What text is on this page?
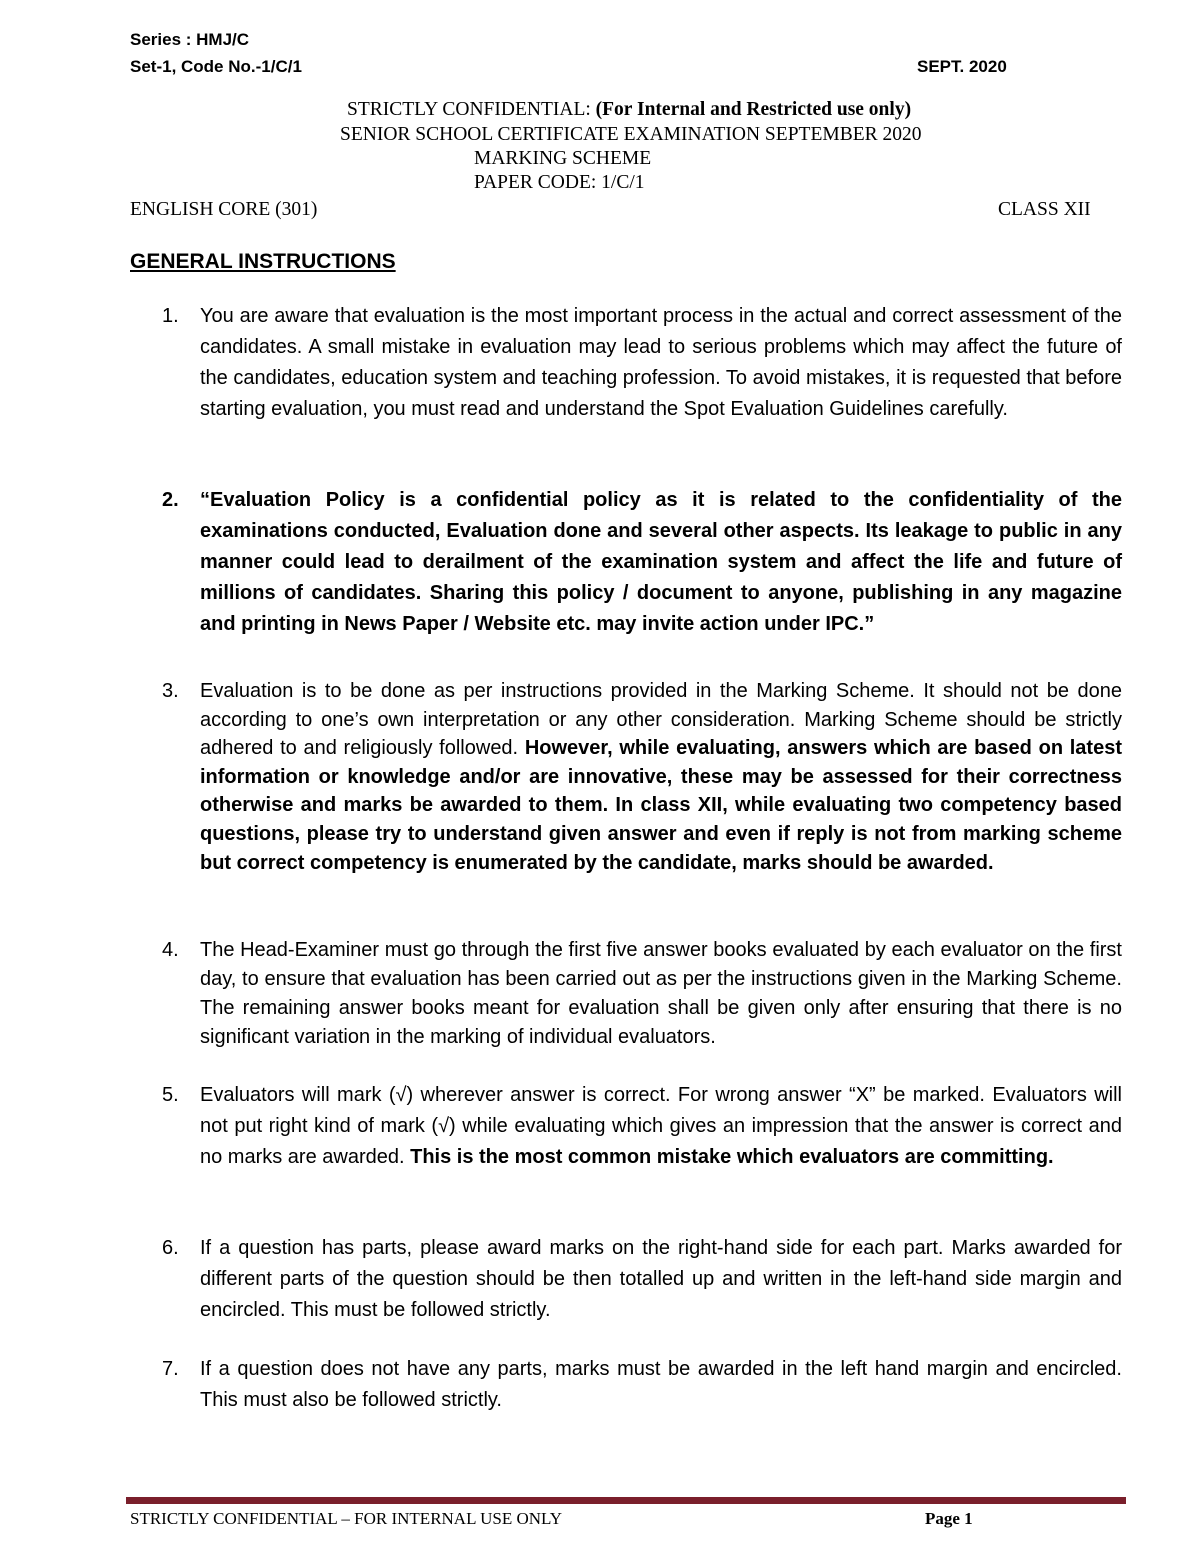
Series : HMJ/C
Set-1, Code No.-1/C/1	SEPT. 2020
STRICTLY CONFIDENTIAL: (For Internal and Restricted use only)
SENIOR SCHOOL CERTIFICATE EXAMINATION SEPTEMBER 2020
MARKING SCHEME
PAPER CODE: 1/C/1
ENGLISH CORE (301)	CLASS XII
GENERAL INSTRUCTIONS
1.	You are aware that evaluation is the most important process in the actual and correct assessment of the candidates. A small mistake in evaluation may lead to serious problems which may affect the future of the candidates, education system and teaching profession. To avoid mistakes, it is requested that before starting evaluation, you must read and understand the Spot Evaluation Guidelines carefully.
2.	“Evaluation Policy is a confidential policy as it is related to the confidentiality of the examinations conducted, Evaluation done and several other aspects. Its leakage to public in any manner could lead to derailment of the examination system and affect the life and future of millions of candidates. Sharing this policy / document to anyone, publishing in any magazine and printing in News Paper / Website etc. may invite action under IPC.”
3.	Evaluation is to be done as per instructions provided in the Marking Scheme. It should not be done according to one’s own interpretation or any other consideration. Marking Scheme should be strictly adhered to and religiously followed. However, while evaluating, answers which are based on latest information or knowledge and/or are innovative, these may be assessed for their correctness otherwise and marks be awarded to them. In class XII, while evaluating two competency based questions, please try to understand given answer and even if reply is not from marking scheme but correct competency is enumerated by the candidate, marks should be awarded.
4.	The Head-Examiner must go through the first five answer books evaluated by each evaluator on the first day, to ensure that evaluation has been carried out as per the instructions given in the Marking Scheme. The remaining answer books meant for evaluation shall be given only after ensuring that there is no significant variation in the marking of individual evaluators.
5.	Evaluators will mark (√) wherever answer is correct. For wrong answer “X” be marked. Evaluators will not put right kind of mark (√) while evaluating which gives an impression that the answer is correct and no marks are awarded. This is the most common mistake which evaluators are committing.
6.	If a question has parts, please award marks on the right-hand side for each part. Marks awarded for different parts of the question should be then totalled up and written in the left-hand side margin and encircled. This must be followed strictly.
7.	If a question does not have any parts, marks must be awarded in the left hand margin and encircled. This must also be followed strictly.
STRICTLY CONFIDENTIAL – FOR INTERNAL USE ONLY	Page 1
